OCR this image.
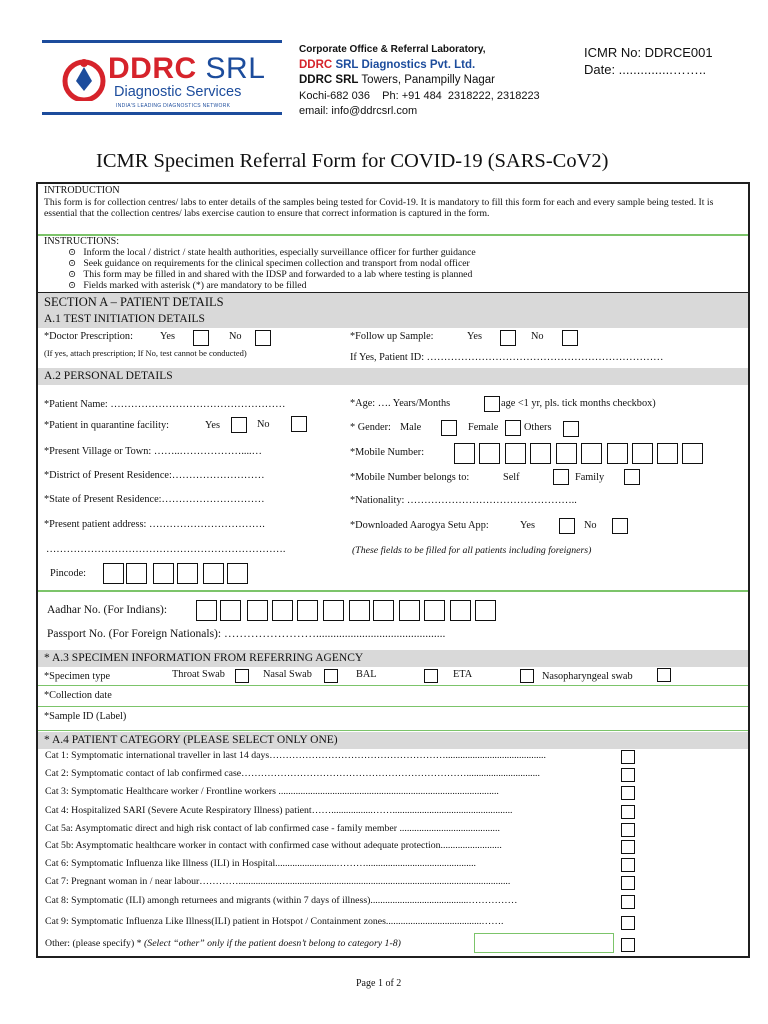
DDRC SRL
Diagnostic Services
INDIA'S LEADING DIAGNOSTICS NETWORK
Corporate Office & Referral Laboratory,
DDRC SRL Diagnostics Pvt. Ltd.
DDRC SRL Towers, Panampilly Nagar
Kochi-682 036    Ph: +91 484  2318222, 2318223
email: info@ddrcsrl.com
ICMR No: DDRCE001
Date: ...............……..
ICMR Specimen Referral Form for COVID-19 (SARS-CoV2)
INTRODUCTION
This form is for collection centres/ labs to enter details of the samples being tested for Covid-19. It is mandatory to fill this form for each and every sample being tested. It is essential that the collection centres/ labs exercise caution to ensure that correct information is captured in the form.
INSTRUCTIONS:
⊙   Inform the local / district / state health authorities, especially surveillance officer for further guidance
⊙   Seek guidance on requirements for the clinical specimen collection and transport from nodal officer
⊙   This form may be filled in and shared with the IDSP and forwarded to a lab where testing is planned
⊙   Fields marked with asterisk (*) are mandatory to be filled
SECTION A – PATIENT DETAILS
A.1 TEST INITIATION DETAILS
*Doctor Prescription:	Yes	No
(If yes, attach prescription; If No, test cannot be conducted)
*Follow up Sample:	Yes	No
If Yes, Patient ID: ……………………………………………………………
A.2 PERSONAL DETAILS
*Patient Name: ……………………………………………
*Patient in quarantine facility:	Yes	No
*Present Village or Town: ……..………………....…
*District of Present Residence:………………………
*State of Present Residence:…………………………
*Present patient address: …………………………….
…………………………………………………………….
Pincode:
*Age: …. Years/Months	age <1 yr, pls. tick months checkbox)
* Gender: Male	Female Others
*Mobile Number:
*Mobile Number belongs to:	Self	Family
*Nationality: …………………………………………..
*Downloaded Aarogya Setu App:	Yes	No
(These fields to be filled for all patients including foreigners)
Aadhar No. (For Indians):
Passport No. (For Foreign Nationals): …………………….............................................
* A.3 SPECIMEN INFORMATION FROM REFERRING AGENCY
*Specimen type	Throat Swab	Nasal Swab	BAL	ETA	Nasopharyngeal swab
*Collection date
*Sample ID (Label)
* A.4 PATIENT CATEGORY (PLEASE SELECT ONLY ONE)
Cat 1: Symptomatic international traveller in last 14 days……………………………………………….........................................
Cat 2: Symptomatic contact of lab confirmed case……………………………………………………………..............................
Cat 3: Symptomatic Healthcare worker / Frontline workers ..........................................................................................
Cat 4: Hospitalized SARI (Severe Acute Respiratory Illness) patient…….................…….................................................
Cat 5a: Asymptomatic direct and high risk contact of lab confirmed case - family member .........................................
Cat 5b: Asymptomatic healthcare worker in contact with confirmed case without adequate protection.........................
Cat 6: Symptomatic Influenza like Illness (ILI) in Hospital.........................……….............................................
Cat 7: Pregnant woman in / near labour…………...............................................................................................................
Cat 8: Symptomatic (ILI) amongh returnees and migrants (within 7 days of illness)........................................……………
Cat 9: Symptomatic Influenza Like Illness(ILI) patient in Hotspot / Containment zones.......................................…….
Other: (please specify) * (Select “other” only if the patient doesn’t belong to category 1-8)
Page 1 of 2
